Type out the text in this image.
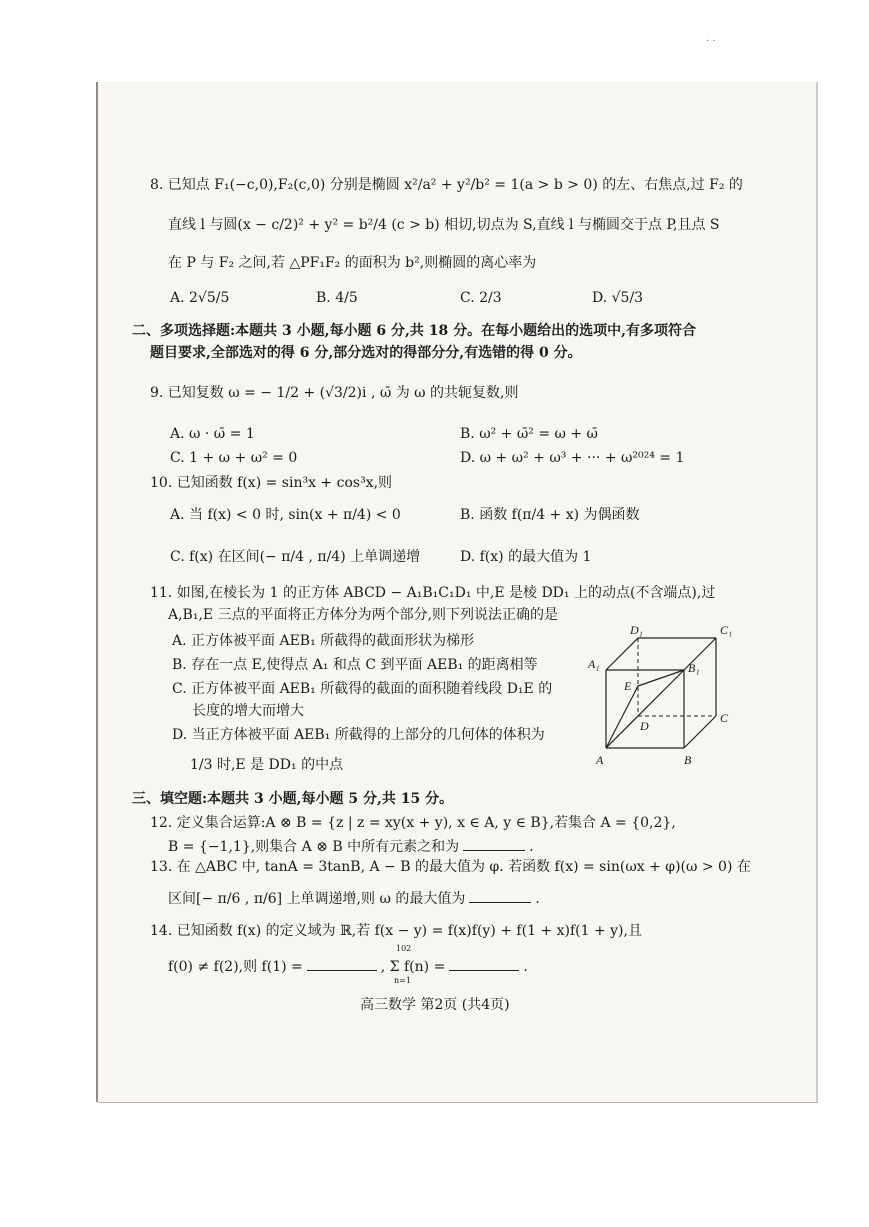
· ·
8. 已知点 F₁(−c,0),F₂(c,0) 分别是椭圆 x²/a² + y²/b² = 1(a > b > 0) 的左、右焦点,过 F₂ 的
直线 l 与圆(x − c/2)² + y² = b²/4 (c > b) 相切,切点为 S,直线 l 与椭圆交于点 P,且点 S
在 P 与 F₂ 之间,若 △PF₁F₂ 的面积为 b²,则椭圆的离心率为
A. 2√5/5	B. 4/5	C. 2/3	D. √5/3
二、多项选择题:本题共 3 小题,每小题 6 分,共 18 分。在每小题给出的选项中,有多项符合
题目要求,全部选对的得 6 分,部分选对的得部分分,有选错的得 0 分。
9. 已知复数 ω = − 1/2 + (√3/2)i , ω̄ 为 ω 的共轭复数,则
A. ω · ω̄ = 1	B. ω² + ω̄² = ω + ω̄
C. 1 + ω + ω² = 0	D. ω + ω² + ω³ + ··· + ω²⁰²⁴ = 1
10. 已知函数 f(x) = sin³x + cos³x,则
A. 当 f(x) < 0 时, sin(x + π/4) < 0	B. 函数 f(π/4 + x) 为偶函数
C. f(x) 在区间(− π/4 , π/4) 上单调递增	D. f(x) 的最大值为 1
11. 如图,在棱长为 1 的正方体 ABCD − A₁B₁C₁D₁ 中,E 是棱 DD₁ 上的动点(不含端点),过
A,B₁,E 三点的平面将正方体分为两个部分,则下列说法正确的是
A. 正方体被平面 AEB₁ 所截得的截面形状为梯形
B. 存在一点 E,使得点 A₁ 和点 C 到平面 AEB₁ 的距离相等
C. 正方体被平面 AEB₁ 所截得的截面的面积随着线段 D₁E 的
长度的增大而增大
D. 当正方体被平面 AEB₁ 所截得的上部分的几何体的体积为
1/3 时,E 是 DD₁ 的中点
D₁	C₁
A₁	B₁
E
D
C
A	B
三、填空题:本题共 3 小题,每小题 5 分,共 15 分。
12. 定义集合运算:A ⊗ B = {z | z = xy(x + y), x ∈ A, y ∈ B},若集合 A = {0,2},
B = {−1,1},则集合 A ⊗ B 中所有元素之和为	.
13. 在 △ABC 中, tanA = 3tanB, A − B 的最大值为 φ. 若函数 f(x) = sin(ωx + φ)(ω > 0) 在
区间[− π/6 , π/6] 上单调递增,则 ω 的最大值为	.
14. 已知函数 f(x) 的定义域为 ℝ,若 f(x − y) = f(x)f(y) + f(1 + x)f(1 + y),且
f(0) ≠ f(2),则 f(1) =	, Σ f(n) =	.
102
n=1
高三数学 第2页 (共4页)
